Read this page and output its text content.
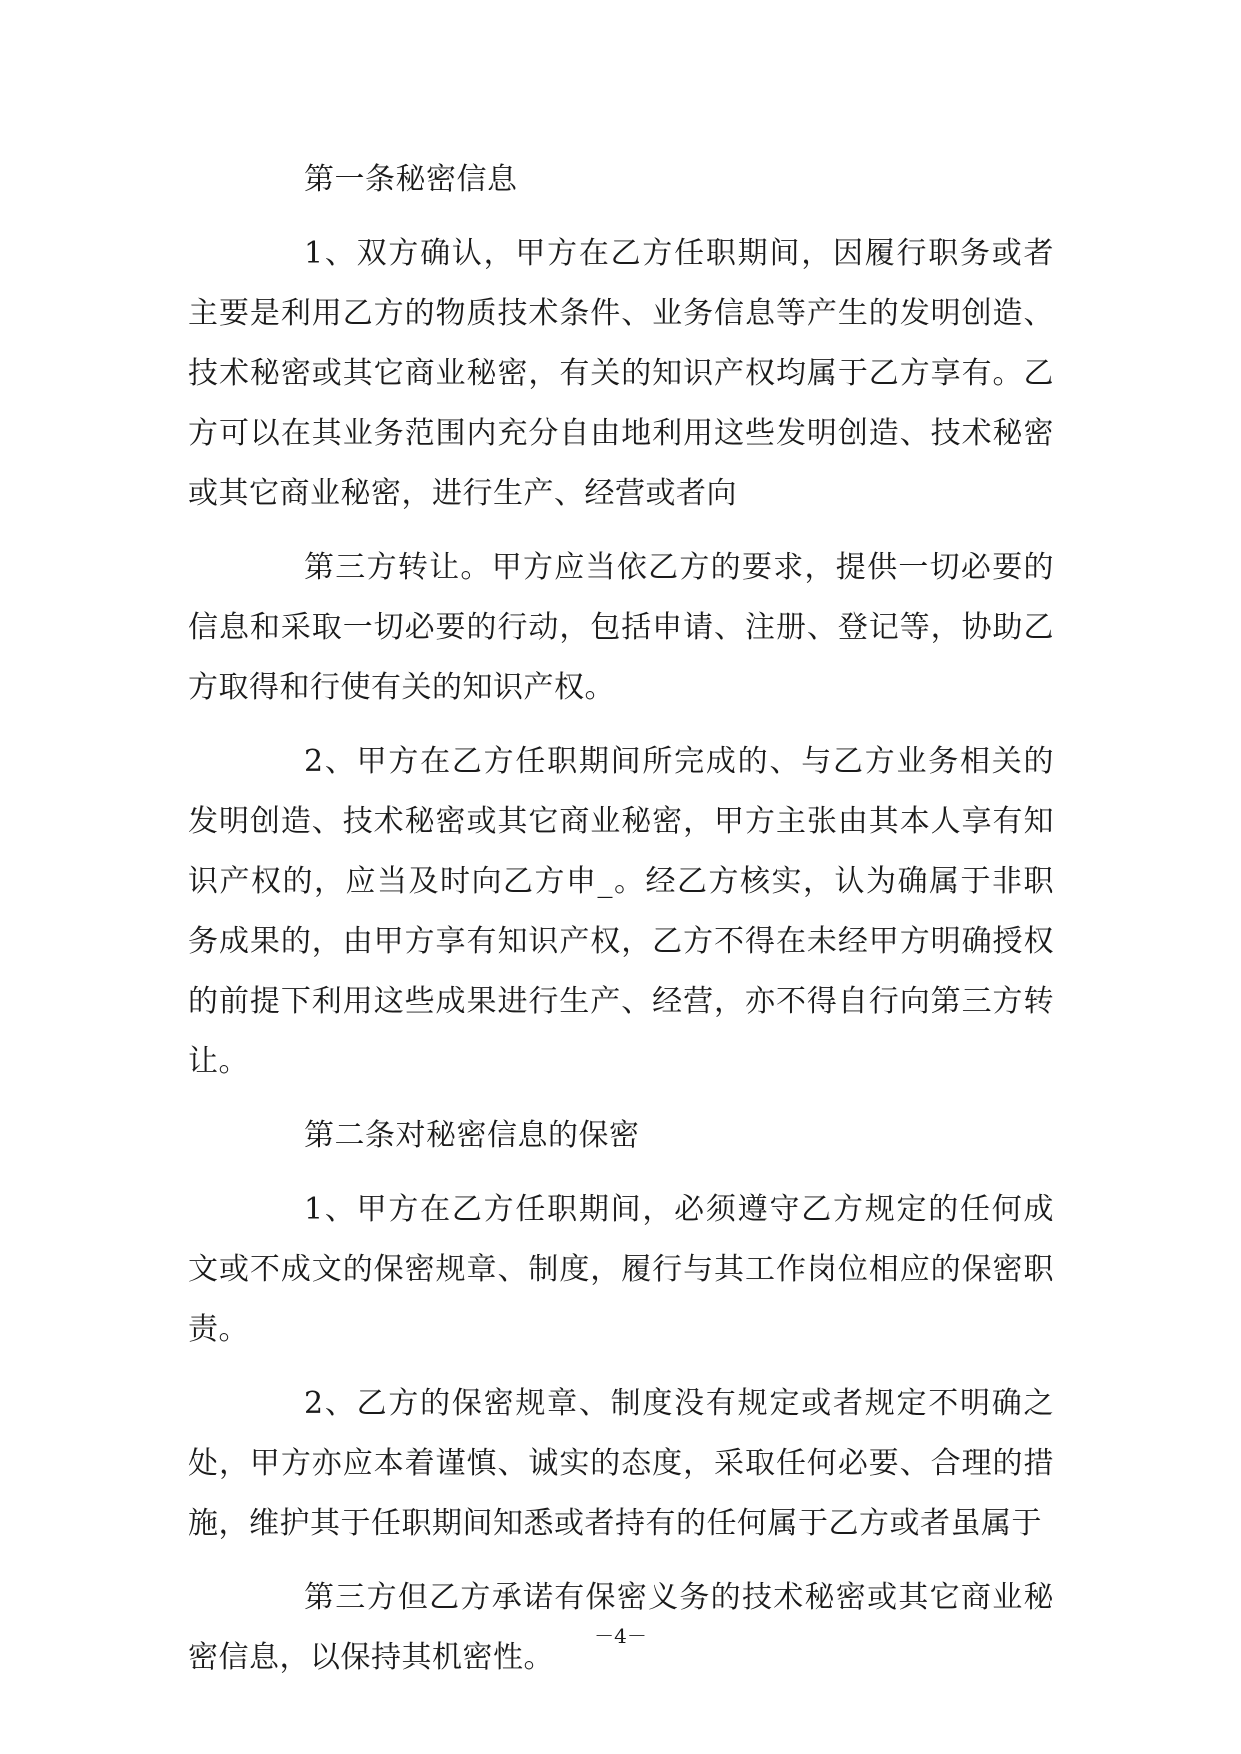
第一条秘密信息

1、双方确认，甲方在乙方任职期间，因履行职务或者主要是利用乙方的物质技术条件、业务信息等产生的发明创造、技术秘密或其它商业秘密，有关的知识产权均属于乙方享有。乙方可以在其业务范围内充分自由地利用这些发明创造、技术秘密或其它商业秘密，进行生产、经营或者向

第三方转让。甲方应当依乙方的要求，提供一切必要的信息和采取一切必要的行动，包括申请、注册、登记等，协助乙方取得和行使有关的知识产权。

2、甲方在乙方任职期间所完成的、与乙方业务相关的发明创造、技术秘密或其它商业秘密，甲方主张由其本人享有知识产权的，应当及时向乙方申_。经乙方核实，认为确属于非职务成果的，由甲方享有知识产权，乙方不得在未经甲方明确授权的前提下利用这些成果进行生产、经营，亦不得自行向第三方转让。

第二条对秘密信息的保密

1、甲方在乙方任职期间，必须遵守乙方规定的任何成文或不成文的保密规章、制度，履行与其工作岗位相应的保密职责。

2、乙方的保密规章、制度没有规定或者规定不明确之处，甲方亦应本着谨慎、诚实的态度，采取任何必要、合理的措施，维护其于任职期间知悉或者持有的任何属于乙方或者虽属于

第三方但乙方承诺有保密义务的技术秘密或其它商业秘密信息，以保持其机密性。

－4－
